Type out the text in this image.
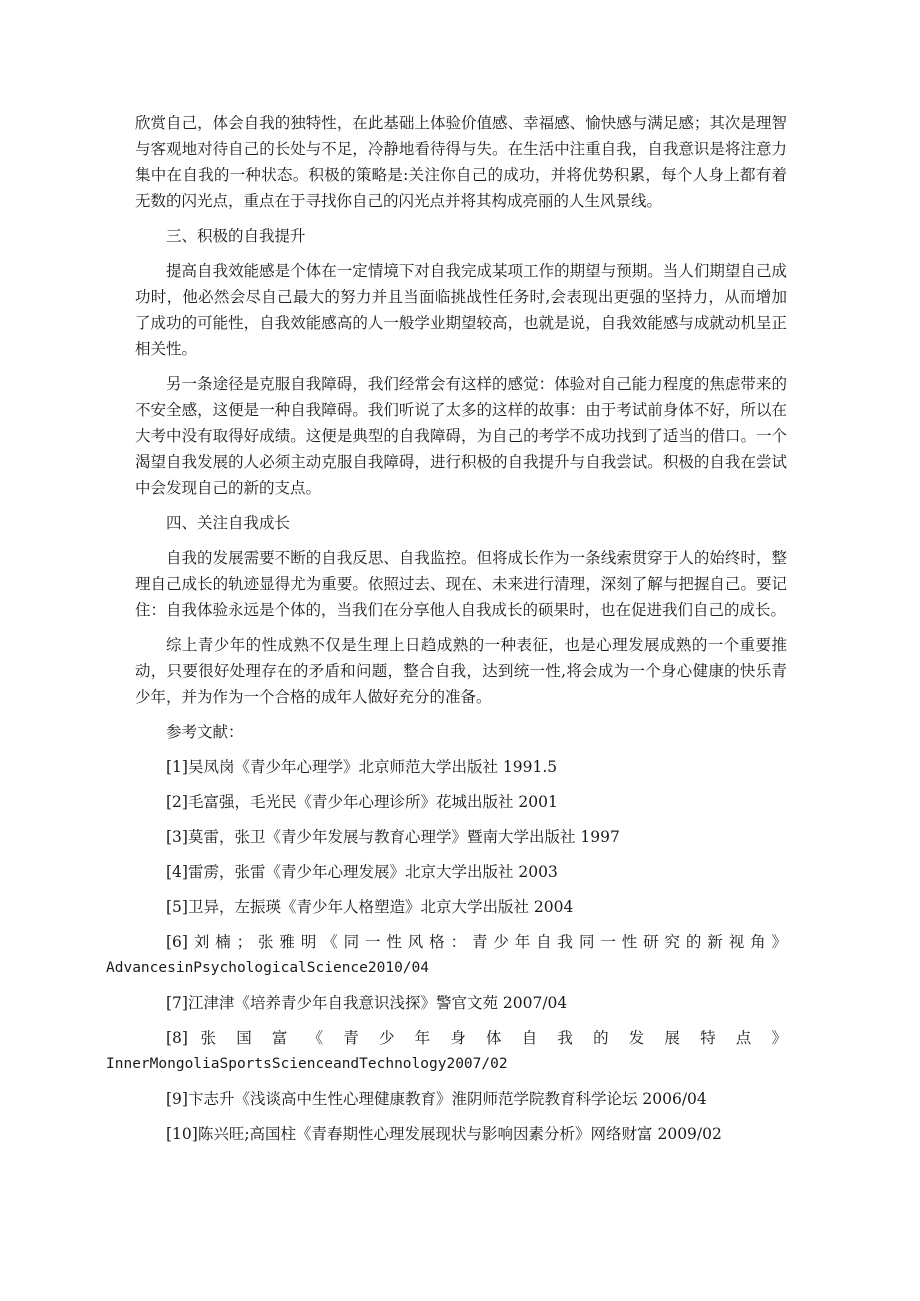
欣赏自己，体会自我的独特性，在此基础上体验价值感、幸福感、愉快感与满足感；其次是理智与客观地对待自己的长处与不足，冷静地看待得与失。在生活中注重自我，自我意识是将注意力集中在自我的一种状态。积极的策略是:关注你自己的成功，并将优势积累，每个人身上都有着无数的闪光点，重点在于寻找你自己的闪光点并将其构成亮丽的人生风景线。

三、积极的自我提升

提高自我效能感是个体在一定情境下对自我完成某项工作的期望与预期。当人们期望自己成功时，他必然会尽自己最大的努力并且当面临挑战性任务时,会表现出更强的坚持力，从而增加了成功的可能性，自我效能感高的人一般学业期望较高，也就是说，自我效能感与成就动机呈正相关性。

另一条途径是克服自我障碍，我们经常会有这样的感觉：体验对自己能力程度的焦虑带来的不安全感，这便是一种自我障碍。我们听说了太多的这样的故事：由于考试前身体不好，所以在大考中没有取得好成绩。这便是典型的自我障碍，为自己的考学不成功找到了适当的借口。一个渴望自我发展的人必须主动克服自我障碍，进行积极的自我提升与自我尝试。积极的自我在尝试中会发现自己的新的支点。

四、关注自我成长

自我的发展需要不断的自我反思、自我监控。但将成长作为一条线索贯穿于人的始终时，整理自己成长的轨迹显得尤为重要。依照过去、现在、未来进行清理，深刻了解与把握自己。要记住：自我体验永远是个体的，当我们在分享他人自我成长的硕果时，也在促进我们自己的成长。

综上青少年的性成熟不仅是生理上日趋成熟的一种表征，也是心理发展成熟的一个重要推动，只要很好处理存在的矛盾和问题，整合自我，达到统一性,将会成为一个身心健康的快乐青少年，并为作为一个合格的成年人做好充分的准备。

参考文献：

[1]吴凤岗《青少年心理学》北京师范大学出版社 1991.5

[2]毛富强，毛光民《青少年心理诊所》花城出版社 2001

[3]莫雷，张卫《青少年发展与教育心理学》暨南大学出版社 1997

[4]雷雳，张雷《青少年心理发展》北京大学出版社 2003

[5]卫异，左振瑛《青少年人格塑造》北京大学出版社 2004

[6]刘楠；张雅明《同一性风格：青少年自我同一性研究的新视角》
AdvancesinPsychologicalScience2010/04

[7]江津津《培养青少年自我意识浅探》警官文苑 2007/04

[8] 张 国 富 《 青 少 年 身 体 自 我 的 发 展 特 点 》
InnerMongoliaSportsScienceandTechnology2007/02

[9]卞志升《浅谈高中生性心理健康教育》淮阴师范学院教育科学论坛 2006/04

[10]陈兴旺;高国柱《青春期性心理发展现状与影响因素分析》网络财富 2009/02
